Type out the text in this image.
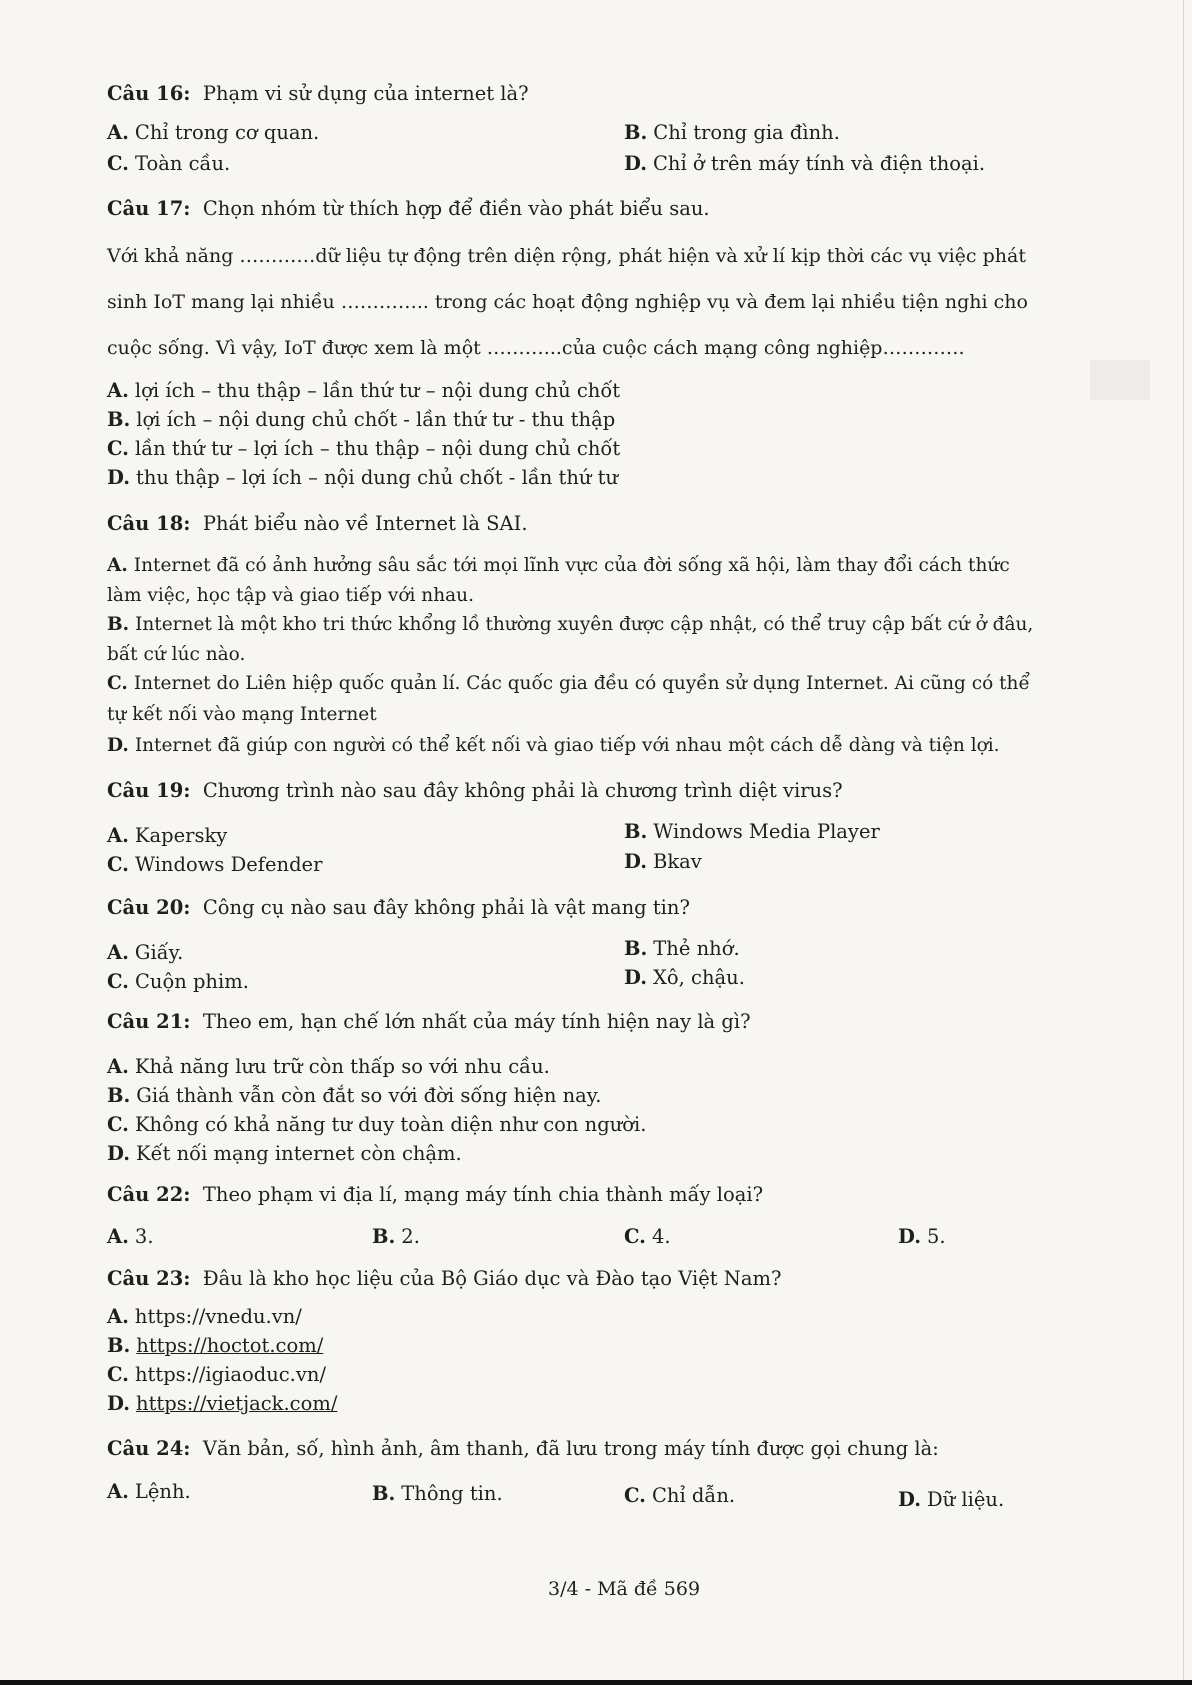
Câu 16: Phạm vi sử dụng của internet là?
A. Chỉ trong cơ quan.	B. Chỉ trong gia đình.
C. Toàn cầu.	D. Chỉ ở trên máy tính và điện thoại.
Câu 17: Chọn nhóm từ thích hợp để điền vào phát biểu sau.
Với khả năng …………dữ liệu tự động trên diện rộng, phát hiện và xử lí kịp thời các vụ việc phát
sinh IoT mang lại nhiều ………….. trong các hoạt động nghiệp vụ và đem lại nhiều tiện nghi cho
cuộc sống. Vì vậy, IoT được xem là một ………...của cuộc cách mạng công nghiệp………….
A. lợi ích – thu thập – lần thứ tư – nội dung chủ chốt
B. lợi ích – nội dung chủ chốt - lần thứ tư - thu thập
C. lần thứ tư – lợi ích – thu thập – nội dung chủ chốt
D. thu thập – lợi ích – nội dung chủ chốt - lần thứ tư
Câu 18: Phát biểu nào về Internet là SAI.
A. Internet đã có ảnh hưởng sâu sắc tới mọi lĩnh vực của đời sống xã hội, làm thay đổi cách thức
làm việc, học tập và giao tiếp với nhau.
B. Internet là một kho tri thức khổng lồ thường xuyên được cập nhật, có thể truy cập bất cứ ở đâu,
bất cứ lúc nào.
C. Internet do Liên hiệp quốc quản lí. Các quốc gia đều có quyền sử dụng Internet. Ai cũng có thể
tự kết nối vào mạng Internet
D. Internet đã giúp con người có thể kết nối và giao tiếp với nhau một cách dễ dàng và tiện lợi.
Câu 19: Chương trình nào sau đây không phải là chương trình diệt virus?
A. Kapersky	B. Windows Media Player
C. Windows Defender	D. Bkav
Câu 20: Công cụ nào sau đây không phải là vật mang tin?
A. Giấy.	B. Thẻ nhớ.
C. Cuộn phim.	D. Xô, chậu.
Câu 21: Theo em, hạn chế lớn nhất của máy tính hiện nay là gì?
A. Khả năng lưu trữ còn thấp so với nhu cầu.
B. Giá thành vẫn còn đắt so với đời sống hiện nay.
C. Không có khả năng tư duy toàn diện như con người.
D. Kết nối mạng internet còn chậm.
Câu 22: Theo phạm vi địa lí, mạng máy tính chia thành mấy loại?
A. 3.	B. 2.	C. 4.	D. 5.
Câu 23: Đâu là kho học liệu của Bộ Giáo dục và Đào tạo Việt Nam?
A. https://vnedu.vn/
B. https://hoctot.com/
C. https://igiaoduc.vn/
D. https://vietjack.com/
Câu 24: Văn bản, số, hình ảnh, âm thanh, đã lưu trong máy tính được gọi chung là:
A. Lệnh.	B. Thông tin.	C. Chỉ dẫn.	D. Dữ liệu.
3/4 - Mã đề 569
